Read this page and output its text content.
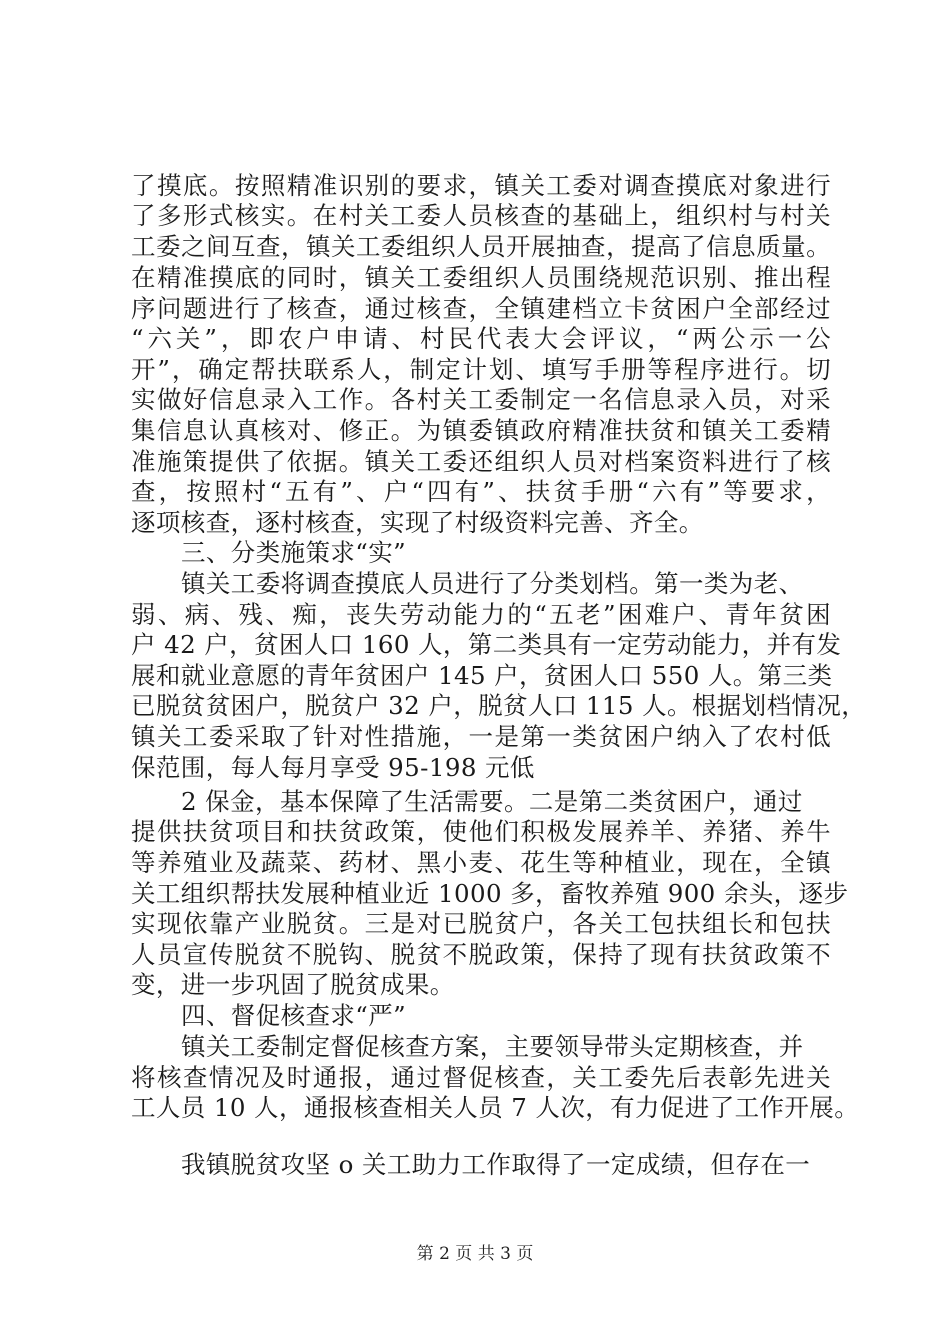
了摸底。按照精准识别的要求，镇关工委对调查摸底对象进行
了多形式核实。在村关工委人员核查的基础上，组织村与村关
工委之间互查，镇关工委组织人员开展抽查，提高了信息质量。
在精准摸底的同时，镇关工委组织人员围绕规范识别、推出程
序问题进行了核查，通过核查，全镇建档立卡贫困户全部经过
“六关”，即农户申请、村民代表大会评议，“两公示一公
开”，确定帮扶联系人，制定计划、填写手册等程序进行。切
实做好信息录入工作。各村关工委制定一名信息录入员，对采
集信息认真核对、修正。为镇委镇政府精准扶贫和镇关工委精
准施策提供了依据。镇关工委还组织人员对档案资料进行了核
查，按照村“五有”、户“四有”、扶贫手册“六有”等要求，
逐项核查，逐村核查，实现了村级资料完善、齐全。
三、分类施策求“实”
镇关工委将调查摸底人员进行了分类划档。第一类为老、
弱、病、残、痴，丧失劳动能力的“五老”困难户、青年贫困
户 42 户，贫困人口 160 人，第二类具有一定劳动能力，并有发
展和就业意愿的青年贫困户 145 户，贫困人口 550 人。第三类
已脱贫贫困户，脱贫户 32 户，脱贫人口 115 人。根据划档情况，
镇关工委采取了针对性措施，一是第一类贫困户纳入了农村低
保范围，每人每月享受 95-198 元低
2 保金，基本保障了生活需要。二是第二类贫困户，通过
提供扶贫项目和扶贫政策，使他们积极发展养羊、养猪、养牛
等养殖业及蔬菜、药材、黑小麦、花生等种植业，现在，全镇
关工组织帮扶发展种植业近 1000 多，畜牧养殖 900 余头，逐步
实现依靠产业脱贫。三是对已脱贫户，各关工包扶组长和包扶
人员宣传脱贫不脱钩、脱贫不脱政策，保持了现有扶贫政策不
变，进一步巩固了脱贫成果。
四、督促核查求“严”
镇关工委制定督促核查方案，主要领导带头定期核查，并
将核查情况及时通报，通过督促核查，关工委先后表彰先进关
工人员 10 人，通报核查相关人员 7 人次，有力促进了工作开展。
我镇脱贫攻坚 o 关工助力工作取得了一定成绩，但存在一
第 2 页 共 3 页
